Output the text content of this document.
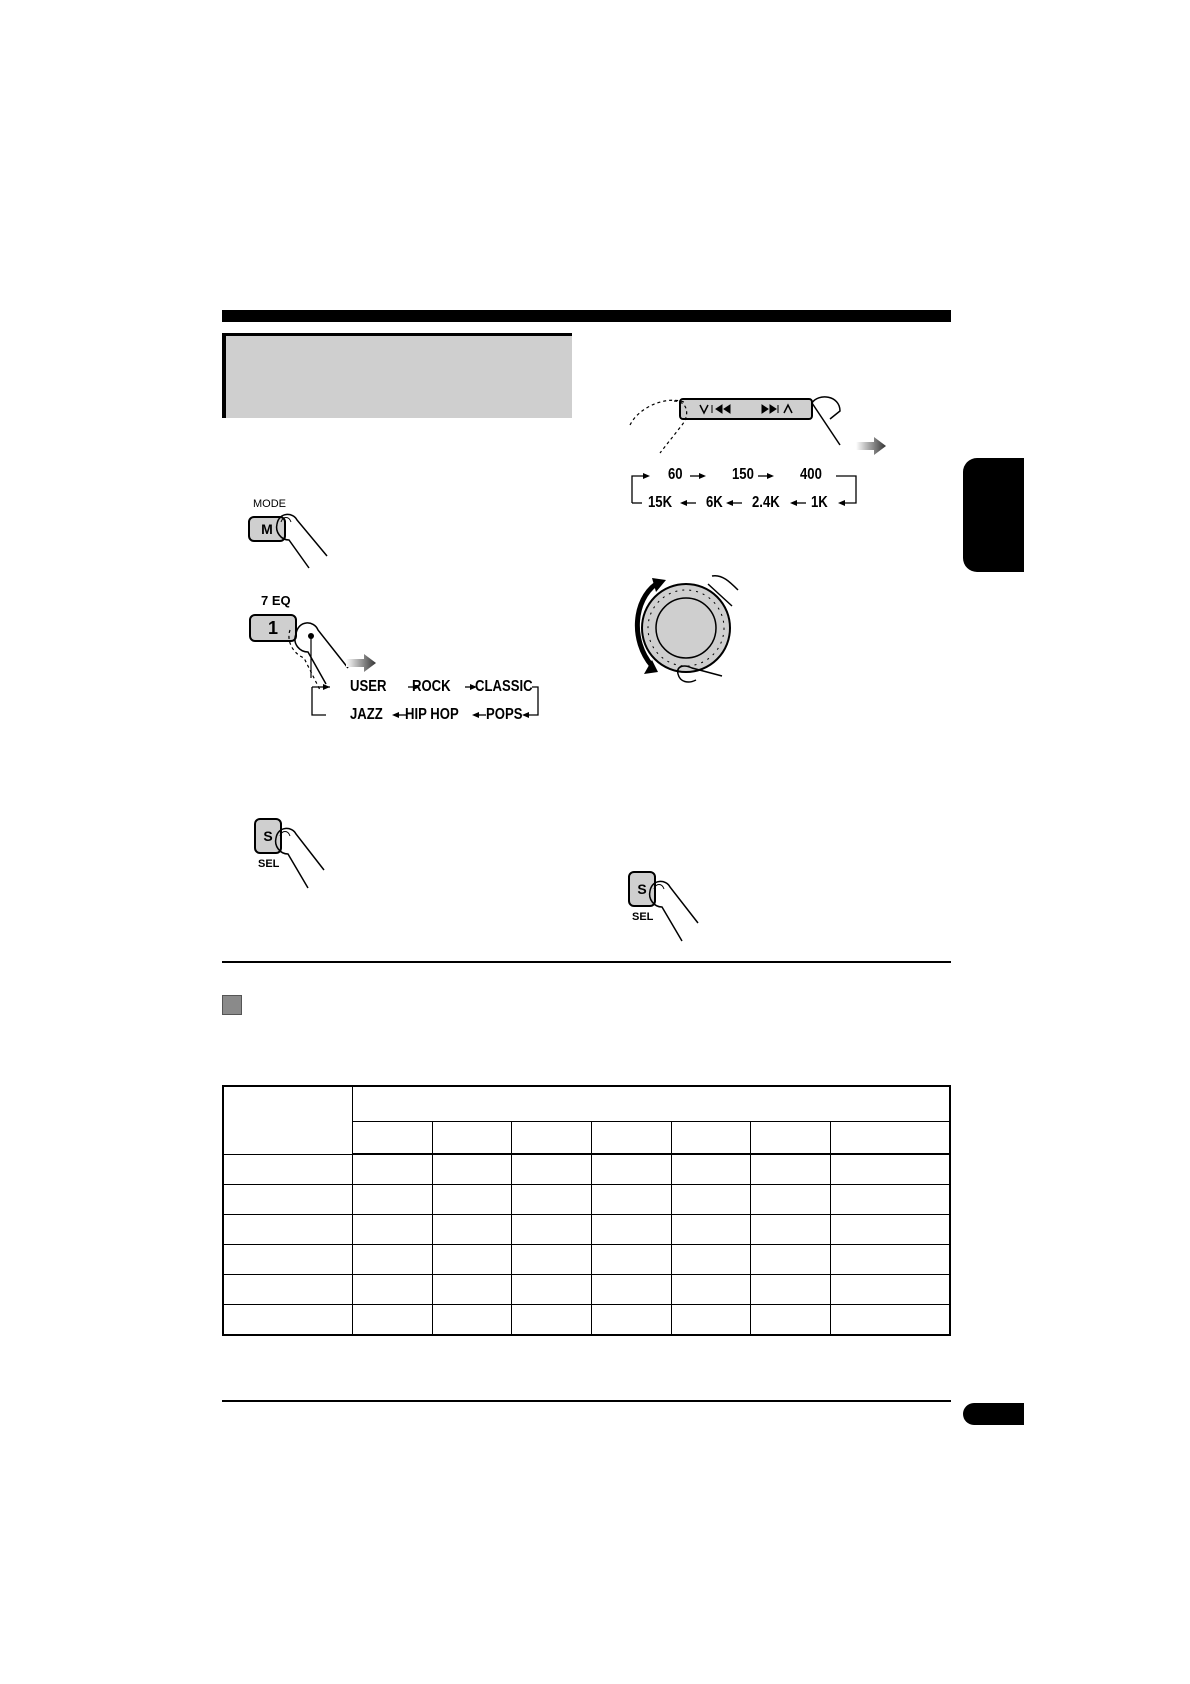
MODE
M
7 EQ
1
USER ROCK CLASSIC
JAZZ HIP HOP POPS
S
SEL
60	150	400
15K 6K 2.4K 1K
S
SEL
